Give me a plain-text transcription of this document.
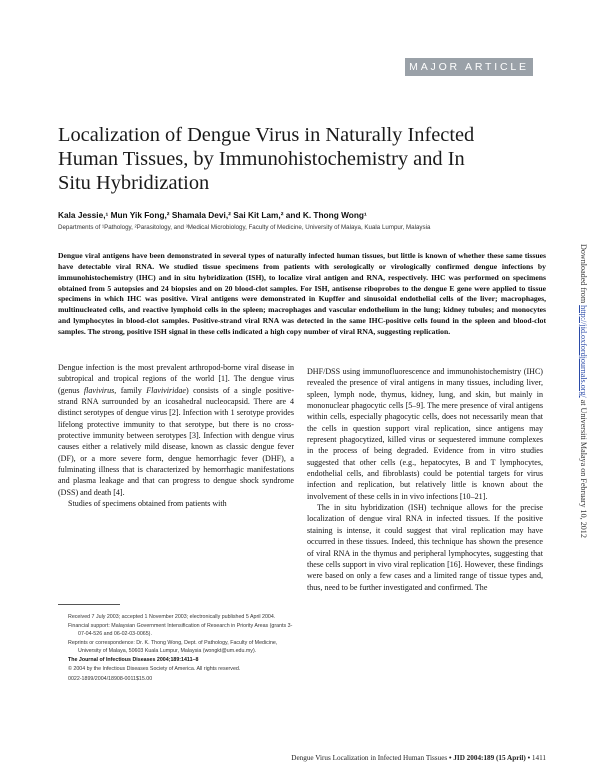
MAJOR ARTICLE
Localization of Dengue Virus in Naturally Infected Human Tissues, by Immunohistochemistry and In Situ Hybridization
Kala Jessie,¹ Mun Yik Fong,² Shamala Devi,² Sai Kit Lam,² and K. Thong Wong¹
Departments of ¹Pathology, ²Parasitology, and ³Medical Microbiology, Faculty of Medicine, University of Malaya, Kuala Lumpur, Malaysia
Dengue viral antigens have been demonstrated in several types of naturally infected human tissues, but little is known of whether these same tissues have detectable viral RNA. We studied tissue specimens from patients with serologically or virologically confirmed dengue infections by immunohistochemistry (IHC) and in situ hybridization (ISH), to localize viral antigen and RNA, respectively. IHC was performed on specimens obtained from 5 autopsies and 24 biopsies and on 20 blood-clot samples. For ISH, antisense riboprobes to the dengue E gene were applied to tissue specimens in which IHC was positive. Viral antigens were demonstrated in Kupffer and sinusoidal endothelial cells of the liver; macrophages, multinucleated cells, and reactive lymphoid cells in the spleen; macrophages and vascular endothelium in the lung; kidney tubules; and monocytes and lymphocytes in blood-clot samples. Positive-strand viral RNA was detected in the same IHC-positive cells found in the spleen and blood-clot samples. The strong, positive ISH signal in these cells indicated a high copy number of viral RNA, suggesting replication.

Dengue infection is the most prevalent arthropod-borne viral disease in subtropical and tropical regions of the world [1]. The dengue virus (genus flavivirus, family Flaviviridae) consists of a single positive-strand RNA surrounded by an icosahedral nucleocapsid. There are 4 distinct serotypes of dengue virus [2]. Infection with 1 serotype provides lifelong protective immunity to that serotype, but there is no cross-protective immunity between serotypes [3]. Infection with dengue virus causes either a relatively mild disease, known as classic dengue fever (DF), or a more severe form, dengue hemorrhagic fever (DHF), a fulminating illness that is characterized by hemorrhagic manifestations and plasma leakage and that can progress to dengue shock syndrome (DSS) and death [4].

Studies of specimens obtained from patients with

DHF/DSS using immunofluorescence and immunohistochemistry (IHC) revealed the presence of viral antigens in many tissues, including liver, spleen, lymph node, thymus, kidney, lung, and skin, but mainly in mononuclear phagocytic cells [5–9]. The mere presence of viral antigens within cells, especially phagocytic cells, does not necessarily mean that the cells in question support viral replication, since antigens may represent phagocytized, killed virus or sequestered immune complexes in the process of being degraded. Evidence from in vitro studies suggested that other cells (e.g., hepatocytes, B and T lymphocytes, endothelial cells, and fibroblasts) could be potential targets for virus infection and replication, but relatively little is known about the involvement of these cells in in vivo infections [10–21].

The in situ hybridization (ISH) technique allows for the precise localization of dengue viral RNA in infected tissues. If the positive staining is intense, it could suggest that viral replication may have occurred in these tissues. Indeed, this technique has shown the presence of viral RNA in the thymus and peripheral lymphocytes, suggesting that these cells support in vivo viral replication [16]. However, these findings were based on only a few cases and a limited range of tissue types and, thus, need to be further investigated and confirmed. The

Received 7 July 2003; accepted 1 November 2003; electronically published 5 April 2004.

Financial support: Malaysian Government Intensification of Research in Priority Areas (grants 3-07-04-526 and 06-02-03-0065).

Reprints or correspondence: Dr. K. Thong Wong, Dept. of Pathology, Faculty of Medicine, University of Malaya, 50603 Kuala Lumpur, Malaysia (wongkt@um.edu.my).

The Journal of Infectious Diseases 2004;189:1411–8

© 2004 by the Infectious Diseases Society of America. All rights reserved.

0022-1899/2004/18908-0011$15.00

Downloaded from http://jid.oxfordjournals.org/ at Universiti Malaya on February 10, 2012
Dengue Virus Localization in Infected Human Tissues • JID 2004:189 (15 April) • 1411
